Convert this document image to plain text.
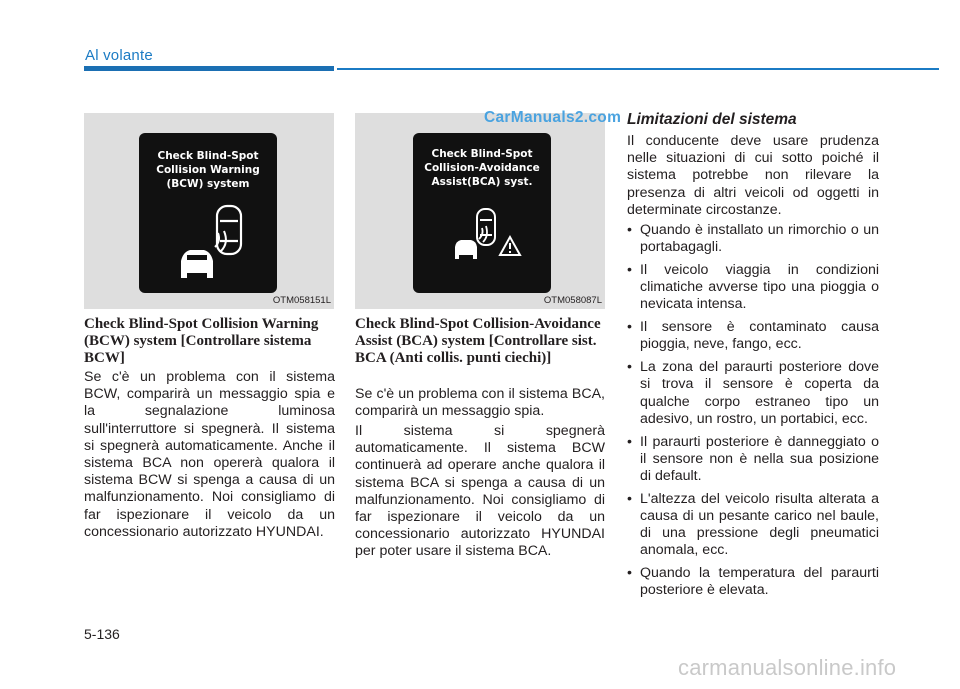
Al volante
Check Blind-Spot
Collision Warning
(BCW) system
OTM058151L
Check Blind-Spot
Collision-Avoidance
Assist(BCA) syst.
OTM058087L
CarManuals2.com
Check Blind-Spot Collision Warning (BCW) system [Controllare sistema BCW]
Se c'è un problema con il sistema BCW, comparirà un messaggio spia e la segnalazione luminosa sull'interruttore si spegnerà. Il sistema si spegnerà automaticamente. Anche il sistema BCA non opererà qualora il sistema BCW si spenga a causa di un malfunzionamento. Noi consigliamo di far ispezionare il veicolo da un concessionario autorizzato HYUNDAI.
Check Blind-Spot Collision-Avoidance Assist (BCA) system [Controllare sist. BCA (Anti collis. punti ciechi)]
Se c'è un problema con il sistema BCA, comparirà un messaggio spia.
Il sistema si spegnerà automaticamente. Il sistema BCW continuerà ad operare anche qualora il sistema BCA si spenga a causa di un malfunzionamento. Noi consigliamo di far ispezionare il veicolo da un concessionario autorizzato HYUNDAI per poter usare il sistema BCA.
Limitazioni del sistema
Il conducente deve usare prudenza nelle situazioni di cui sotto poiché il sistema potrebbe non rilevare la presenza di altri veicoli od oggetti in determinate circostanze.
• Quando è installato un rimorchio o un portabagagli.
• Il veicolo viaggia in condizioni climatiche avverse tipo una pioggia o nevicata intensa.
• Il sensore è contaminato causa pioggia, neve, fango, ecc.
• La zona del paraurti posteriore dove si trova il sensore è coperta da qualche corpo estraneo tipo un adesivo, un rostro, un portabici, ecc.
• Il paraurti posteriore è danneggiato o il sensore non è nella sua posizione di default.
• L'altezza del veicolo risulta alterata a causa di un pesante carico nel baule, di una pressione degli pneumatici anomala, ecc.
• Quando la temperatura del paraurti posteriore è elevata.
5-136
carmanualsonline.info
